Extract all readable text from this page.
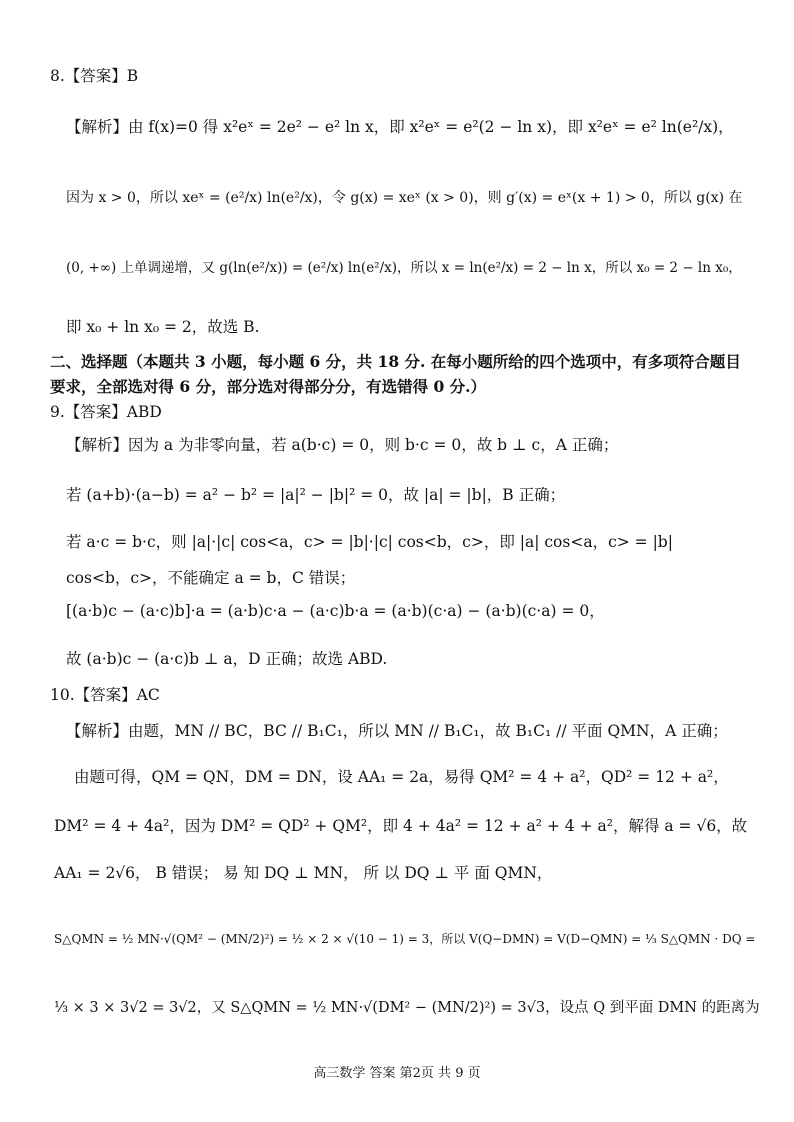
8.【答案】B
【解析】由 f(x)=0 得 x²eˣ = 2e² − e² ln x，即 x²eˣ = e²(2 − ln x)，即 x²eˣ = e² ln(e²/x)，
因为 x > 0，所以 xeˣ = (e²/x) ln(e²/x)，令 g(x) = xeˣ (x > 0)，则 g′(x) = eˣ(x + 1) > 0，所以 g(x) 在
(0, +∞) 上单调递增，又 g(ln(e²/x)) = (e²/x) ln(e²/x)，所以 x = ln(e²/x) = 2 − ln x，所以 x₀ = 2 − ln x₀，
即 x₀ + ln x₀ = 2，故选 B.
二、选择题（本题共 3 小题，每小题 6 分，共 18 分. 在每小题所给的四个选项中，有多项符合题目
要求，全部选对得 6 分，部分选对得部分分，有选错得 0 分.）
9.【答案】ABD
【解析】因为 a 为非零向量，若 a(b·c) = 0，则 b·c = 0，故 b ⊥ c，A 正确；
若 (a+b)·(a−b) = a² − b² = |a|² − |b|² = 0，故 |a| = |b|，B 正确；
若 a·c = b·c，则 |a|·|c| cos<a，c> = |b|·|c| cos<b，c>，即 |a| cos<a，c> = |b|
cos<b，c>，不能确定 a = b，C 错误；
[(a·b)c − (a·c)b]·a = (a·b)c·a − (a·c)b·a = (a·b)(c·a) − (a·b)(c·a) = 0，
故 (a·b)c − (a·c)b ⊥ a，D 正确；故选 ABD.
10.【答案】AC
【解析】由题，MN // BC，BC // B₁C₁，所以 MN // B₁C₁，故 B₁C₁ // 平面 QMN，A 正确；
由题可得，QM = QN，DM = DN，设 AA₁ = 2a，易得 QM² = 4 + a²，QD² = 12 + a²，
DM² = 4 + 4a²，因为 DM² = QD² + QM²，即 4 + 4a² = 12 + a² + 4 + a²，解得 a = √6，故
AA₁ = 2√6， B 错误； 易 知 DQ ⊥ MN， 所 以 DQ ⊥ 平 面 QMN，
S△QMN = ½ MN·√(QM² − (MN/2)²) = ½ × 2 × √(10 − 1) = 3，所以 V(Q−DMN) = V(D−QMN) = ⅓ S△QMN · DQ =
⅓ × 3 × 3√2 = 3√2，又 S△QMN = ½ MN·√(DM² − (MN/2)²) = 3√3，设点 Q 到平面 DMN 的距离为
高三数学 答案 第2页 共 9 页
